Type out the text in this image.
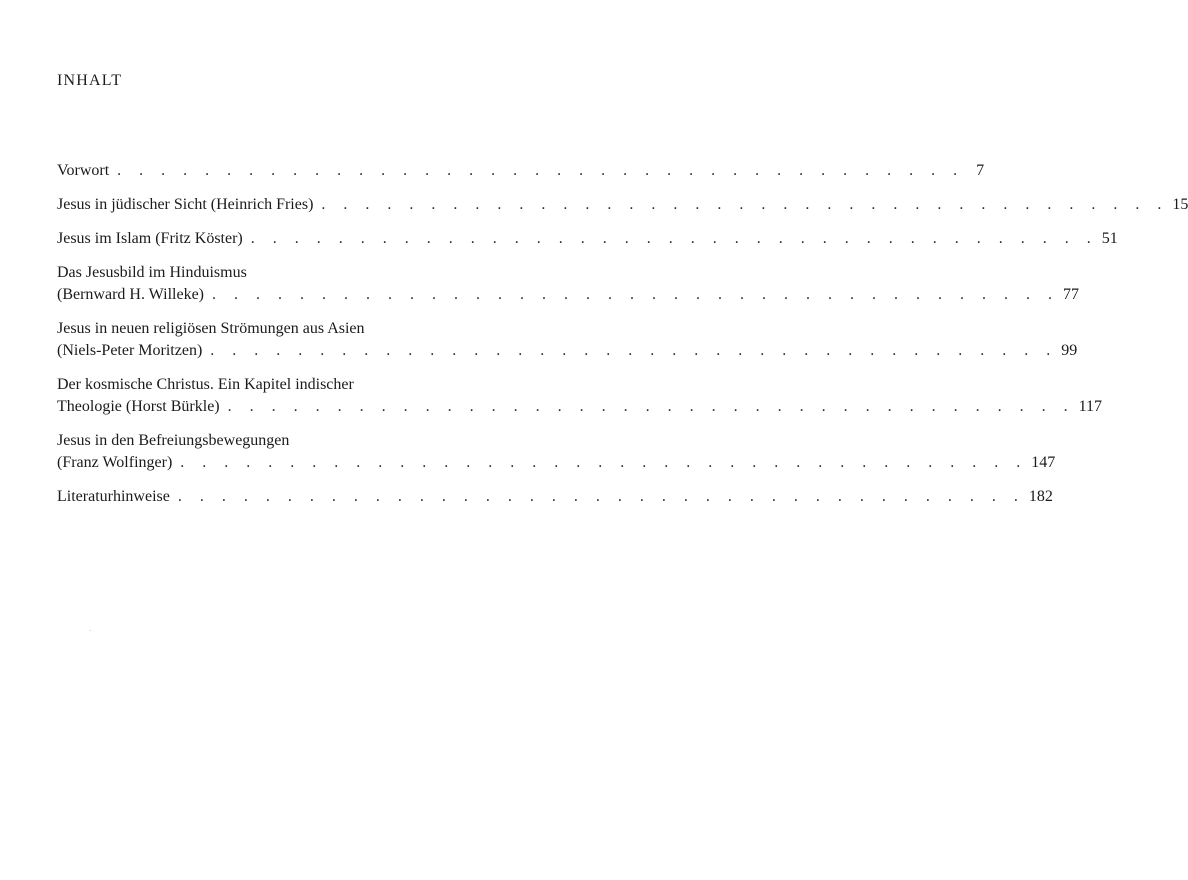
INHALT
Vorwort . . . . . . . . . . . . . . . . . . . . . . . . . . . . . . . . . . . . . . . 7
Jesus in jüdischer Sicht (Heinrich Fries) . . . . . . . . . . . . . . . . . . . . . . . . . . . . . . . . . . . . . . . 15
Jesus im Islam (Fritz Köster) . . . . . . . . . . . . . . . . . . . . . . . . . . . . . . . . . . . . . . . 51
Das Jesusbild im Hinduismus
(Bernward H. Willeke) . . . . . . . . . . . . . . . . . . . . . . . . . . . . . . . . . . . . . . . 77
Jesus in neuen religiösen Strömungen aus Asien
(Niels-Peter Moritzen) . . . . . . . . . . . . . . . . . . . . . . . . . . . . . . . . . . . . . . . 99
Der kosmische Christus. Ein Kapitel indischer
Theologie (Horst Bürkle) . . . . . . . . . . . . . . . . . . . . . . . . . . . . . . . . . . . . . . . 117
Jesus in den Befreiungsbewegungen
(Franz Wolfinger) . . . . . . . . . . . . . . . . . . . . . . . . . . . . . . . . . . . . . . . 147
Literaturhinweise . . . . . . . . . . . . . . . . . . . . . . . . . . . . . . . . . . . . . . . 182
